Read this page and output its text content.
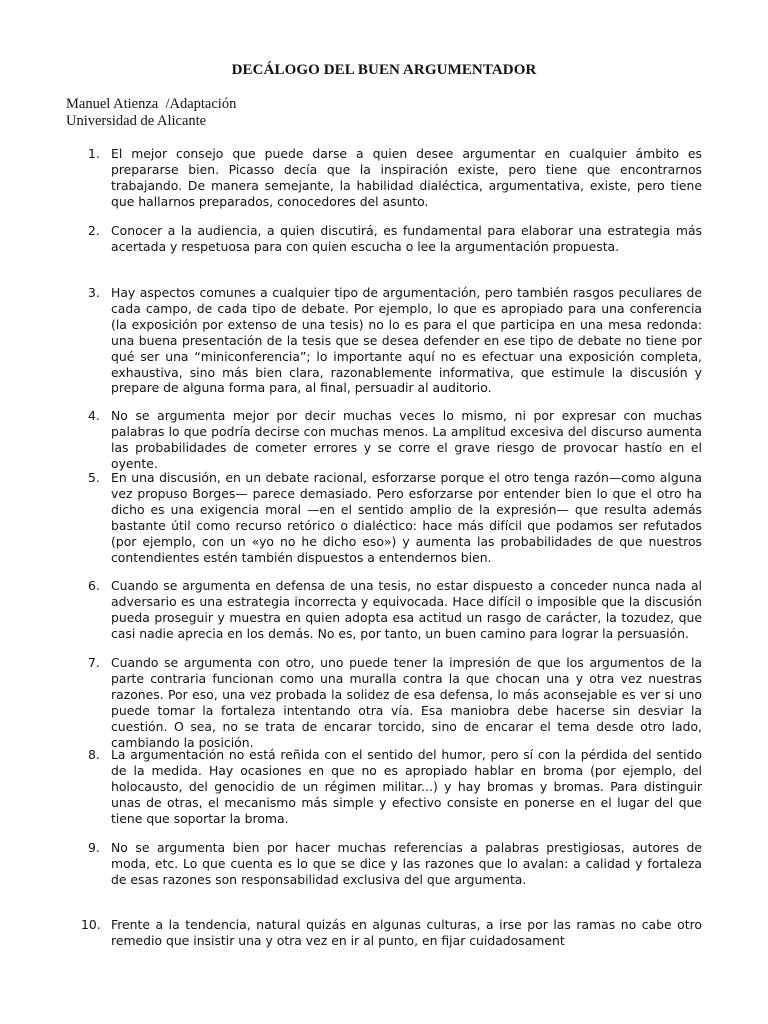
DECÁLOGO DEL BUEN ARGUMENTADOR
Manuel Atienza  /Adaptación
Universidad de Alicante
1. El mejor consejo que puede darse a quien desee argumentar en cualquier ámbito es prepararse bien. Picasso decía que la inspiración existe, pero tiene que encontrarnos trabajando. De manera semejante, la habilidad dialéctica, argumentativa, existe, pero tiene que hallarnos preparados, conocedores del asunto.
2. Conocer a la audiencia, a quien discutirá, es fundamental para elaborar una estrategia más acertada y respetuosa para con quien escucha o lee la argumentación propuesta.
3. Hay aspectos comunes a cualquier tipo de argumentación, pero también rasgos peculiares de cada campo, de cada tipo de debate. Por ejemplo, lo que es apropiado para una conferencia (la exposición por extenso de una tesis) no lo es para el que participa en una mesa redonda: una buena presentación de la tesis que se desea defender en ese tipo de debate no tiene por qué ser una “miniconferencia”; lo importante aquí no es efectuar una exposición completa, exhaustiva, sino más bien clara, razonablemente informativa, que estimule la discusión y prepare de alguna forma para, al final, persuadir al auditorio.
4. No se argumenta mejor por decir muchas veces lo mismo, ni por expresar con muchas palabras lo que podría decirse con muchas menos. La amplitud excesiva del discurso aumenta las probabilidades de cometer errores y se corre el grave riesgo de provocar hastío en el oyente.
5. En una discusión, en un debate racional, esforzarse porque el otro tenga razón—como alguna vez propuso Borges— parece demasiado. Pero esforzarse por entender bien lo que el otro ha dicho es una exigencia moral —en el sentido amplio de la expresión— que resulta además bastante útil como recurso retórico o dialéctico: hace más difícil que podamos ser refutados (por ejemplo, con un «yo no he dicho eso») y aumenta las probabilidades de que nuestros contendientes estén también dispuestos a entendernos bien.
6. Cuando se argumenta en defensa de una tesis, no estar dispuesto a conceder nunca nada al adversario es una estrategia incorrecta y equivocada. Hace difícil o imposible que la discusión pueda proseguir y muestra en quien adopta esa actitud un rasgo de carácter, la tozudez, que casi nadie aprecia en los demás. No es, por tanto, un buen camino para lograr la persuasión.
7. Cuando se argumenta con otro, uno puede tener la impresión de que los argumentos de la parte contraria funcionan como una muralla contra la que chocan una y otra vez nuestras razones. Por eso, una vez probada la solidez de esa defensa, lo más aconsejable es ver si uno puede tomar la fortaleza intentando otra vía. Esa maniobra debe hacerse sin desviar la cuestión. O sea, no se trata de encarar torcido, sino de encarar el tema desde otro lado, cambiando la posición.
8. La argumentación no está reñida con el sentido del humor, pero sí con la pérdida del sentido de la medida. Hay ocasiones en que no es apropiado hablar en broma (por ejemplo, del holocausto, del genocidio de un régimen militar...) y hay bromas y bromas. Para distinguir unas de otras, el mecanismo más simple y efectivo consiste en ponerse en el lugar del que tiene que soportar la broma.
9. No se argumenta bien por hacer muchas referencias a palabras prestigiosas, autores de moda, etc. Lo que cuenta es lo que se dice y las razones que lo avalan: a calidad y fortaleza de esas razones son responsabilidad exclusiva del que argumenta.
10. Frente a la tendencia, natural quizás en algunas culturas, a irse por las ramas no cabe otro remedio que insistir una y otra vez en ir al punto, en fijar cuidadosament
